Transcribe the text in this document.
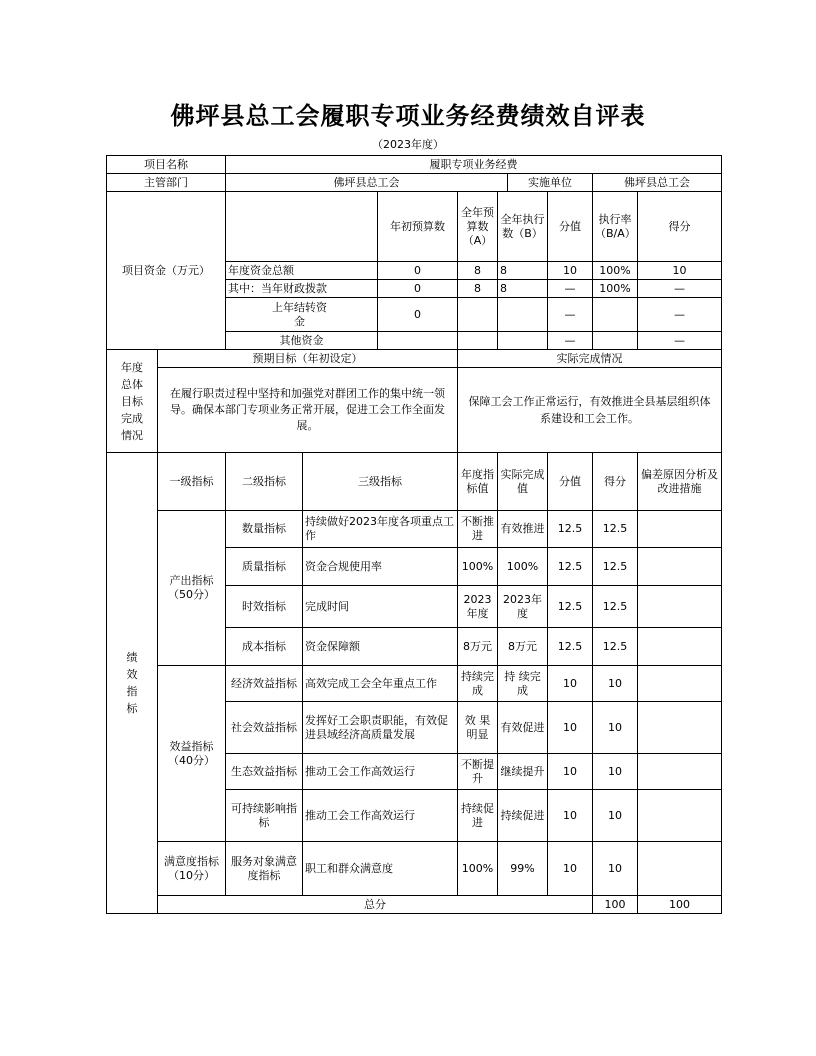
佛坪县总工会履职专项业务经费绩效自评表
（2023年度）
项目名称		履职专项业务经费									
主管部门		佛坪县总工会					实施单位		佛坪县总工会		
项目资金（万元）				年初预算数	全年预算数（A）	全年执行数（B）		分值	执行率（B/A）	得分	
		年度资金总额		0	8	8		10	100%	10	
		其中：当年财政拨款		0	8	8		—	100%	—	

		上年结转资金		0				—		—	
		其他资金						—		—	

年度总体目标完成情况	预期目标（年初设定）				实际完成情况						
	在履行职责过程中坚持和加强党对群团工作的集中统一领导。确保本部门专项业务正常开展，促进工会工作全面发展。				保障工会工作正常运行，有效推进全县基层组织体系建设和工会工作。						

绩效指标	一级指标	二级指标	三级指标		年度指标值	实际完成值		分值	得分	偏差原因分析及改进措施	
	产出指标（50分）	数量指标	持续做好2023年度各项重点工作		不断推进	有效推进		12.5	12.5		
		质量指标	资金合规使用率		100%	100%		12.5	12.5		
		时效指标	完成时间		2023年度	2023年度		12.5	12.5		
		成本指标	资金保障额		8万元	8万元		12.5	12.5		
	效益指标（40分）	经济效益指标	高效完成工会全年重点工作		持续完成	持 续完成		10	10		
		社会效益指标	发挥好工会职责职能，有效促进县域经济高质量发展		效 果明显	有效促进		10	10		
		生态效益指标	推动工会工作高效运行		不断提升	继续提升		10	10		
		可持续影响指标	推动工会工作高效运行		持续促进	持续促进		10	10		
	满意度指标（10分）	服务对象满意度指标	职工和群众满意度		100%	99%		10	10		
	总分								100	100	
